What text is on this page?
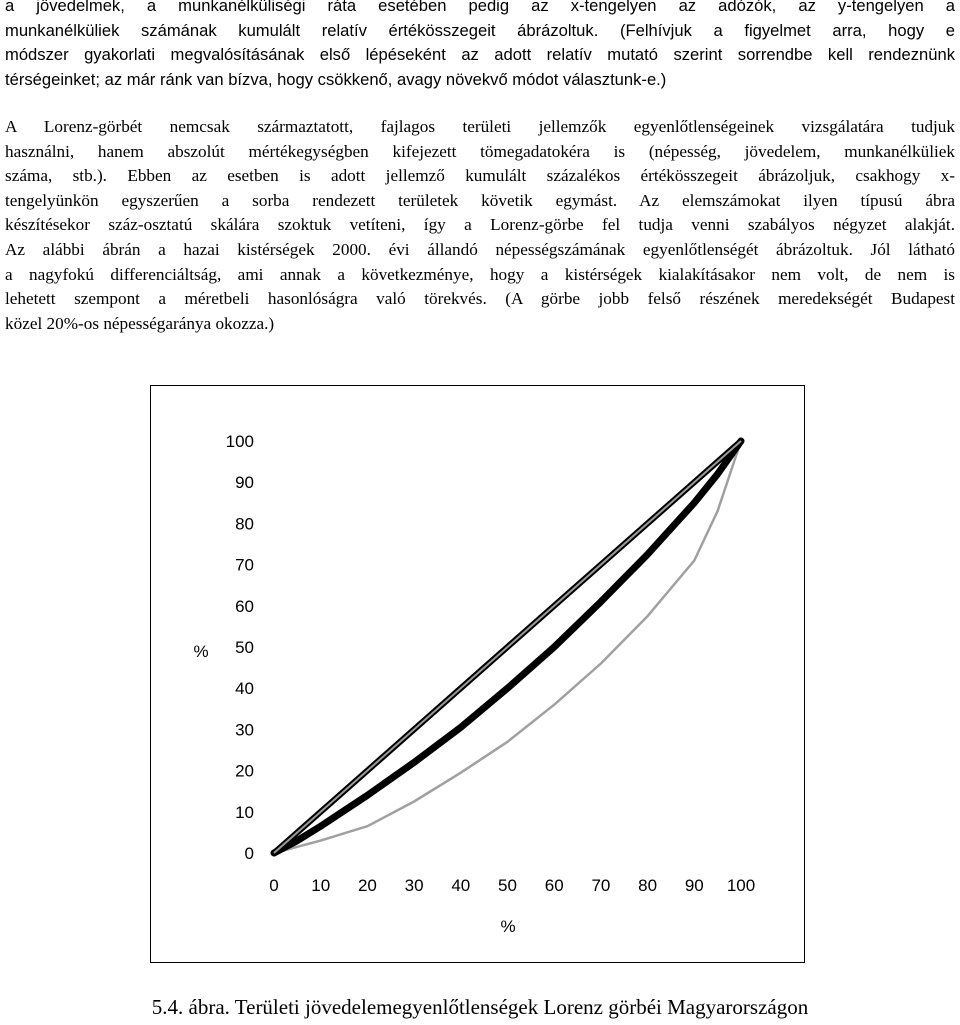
a jövedelmek, a munkanélküliségi ráta esetében pedig az x-tengelyen az adózók, az y-tengelyen a
munkanélküliek számának kumulált relatív értékösszegeit ábrázoltuk. (Felhívjuk a figyelmet arra, hogy e
módszer gyakorlati megvalósításának első lépéseként az adott relatív mutató szerint sorrendbe kell rendeznünk
térségeinket; az már ránk van bízva, hogy csökkenő, avagy növekvő módot választunk-e.)
A Lorenz-görbét nemcsak származtatott, fajlagos területi jellemzők egyenlőtlenségeinek vizsgálatára tudjuk
használni, hanem abszolút mértékegységben kifejezett tömegadatokéra is (népesség, jövedelem, munkanélküliek
száma, stb.). Ebben az esetben is adott jellemző kumulált százalékos értékösszegeit ábrázoljuk, csakhogy x-
tengelyünkön egyszerűen a sorba rendezett területek követik egymást. Az elemszámokat ilyen típusú ábra
készítésekor száz-osztatú skálára szoktuk vetíteni, így a Lorenz-görbe fel tudja venni szabályos négyzet alakját.
Az alábbi ábrán a hazai kistérségek 2000. évi állandó népességszámának egyenlőtlenségét ábrázoltuk. Jól látható
a nagyfokú differenciáltság, ami annak a következménye, hogy a kistérségek kialakításakor nem volt, de nem is
lehetett szempont a méretbeli hasonlóságra való törekvés. (A görbe jobb felső részének meredekségét Budapest
közel 20%-os népességaránya okozza.)
0
10
20
30
40
50
60
70
80
90
100
0 10 20 30 40 50 60 70 80 90 100
%
%
5.4. ábra. Területi jövedelemegyenlőtlenségek Lorenz görbéi Magyarországon
